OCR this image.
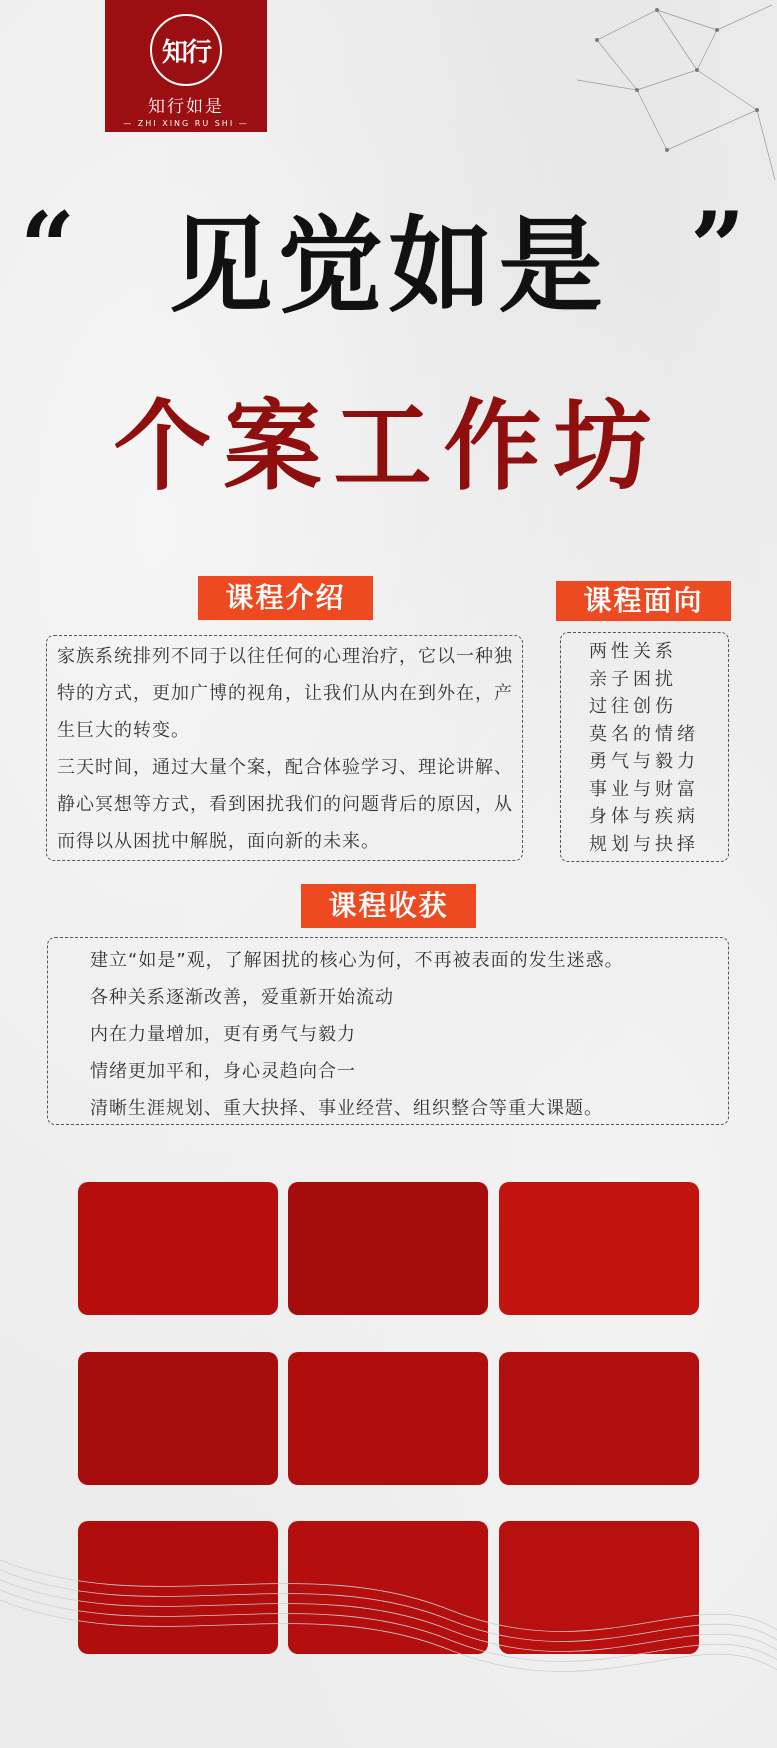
知行
知行如是
— ZHI XING RU SHI —
“ 见觉如是 ”
个案工作坊
课程介绍

家族系统排列不同于以往任何的心理治疗，它以一种独特的方式，更加广博的视角，让我们从内在到外在，产生巨大的转变。

三天时间，通过大量个案，配合体验学习、理论讲解、静心冥想等方式，看到困扰我们的问题背后的原因，从而得以从困扰中解脱，面向新的未来。

课程面向
两性关系
亲子困扰
过往创伤
莫名的情绪
勇气与毅力
事业与财富
身体与疾病
规划与抉择
课程收获
建立“如是”观，了解困扰的核心为何，不再被表面的发生迷惑。
各种关系逐渐改善，爱重新开始流动
内在力量增加，更有勇气与毅力
情绪更加平和，身心灵趋向合一
清晰生涯规划、重大抉择、事业经营、组织整合等重大课题。
